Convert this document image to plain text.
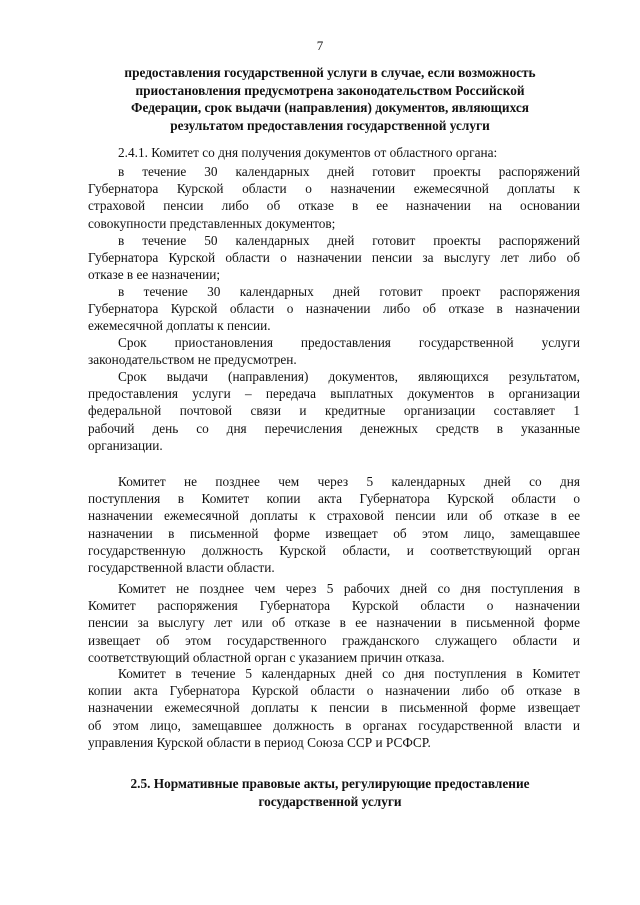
7
предоставления государственной услуги в случае, если возможность
приостановления предусмотрена законодательством Российской
Федерации, срок выдачи (направления) документов, являющихся
результатом предоставления государственной услуги
2.4.1. Комитет со дня получения документов от областного органа:
в течение 30 календарных дней готовит проекты распоряжений
Губернатора Курской области о назначении ежемесячной доплаты к
страховой пенсии либо об отказе в ее назначении на основании
совокупности представленных документов;
в течение 50 календарных дней готовит проекты распоряжений
Губернатора Курской области о назначении пенсии за выслугу лет либо об
отказе в ее назначении;
в течение 30 календарных дней готовит проект распоряжения
Губернатора Курской области о назначении либо об отказе в назначении
ежемесячной доплаты к пенсии.
Срок приостановления предоставления государственной услуги
законодательством не предусмотрен.
Срок выдачи (направления) документов, являющихся результатом,
предоставления услуги – передача выплатных документов в организации
федеральной почтовой связи и кредитные организации составляет 1
рабочий день со дня перечисления денежных средств в указанные
организации.
Комитет не позднее чем через 5 календарных дней со дня
поступления в Комитет копии акта Губернатора Курской области о
назначении ежемесячной доплаты к страховой пенсии или об отказе в ее
назначении в письменной форме извещает об этом лицо, замещавшее
государственную должность Курской области, и соответствующий орган
государственной власти области.
Комитет не позднее чем через 5 рабочих дней со дня поступления в
Комитет распоряжения Губернатора Курской области о назначении
пенсии за выслугу лет или об отказе в ее назначении в письменной форме
извещает об этом государственного гражданского служащего области и
соответствующий областной орган с указанием причин отказа.
Комитет в течение 5 календарных дней со дня поступления в Комитет
копии акта Губернатора Курской области о назначении либо об отказе в
назначении ежемесячной доплаты к пенсии в письменной форме извещает
об этом лицо, замещавшее должность в органах государственной власти и
управления Курской области в период Союза ССР и РСФСР.
2.5. Нормативные правовые акты, регулирующие предоставление
государственной услуги
